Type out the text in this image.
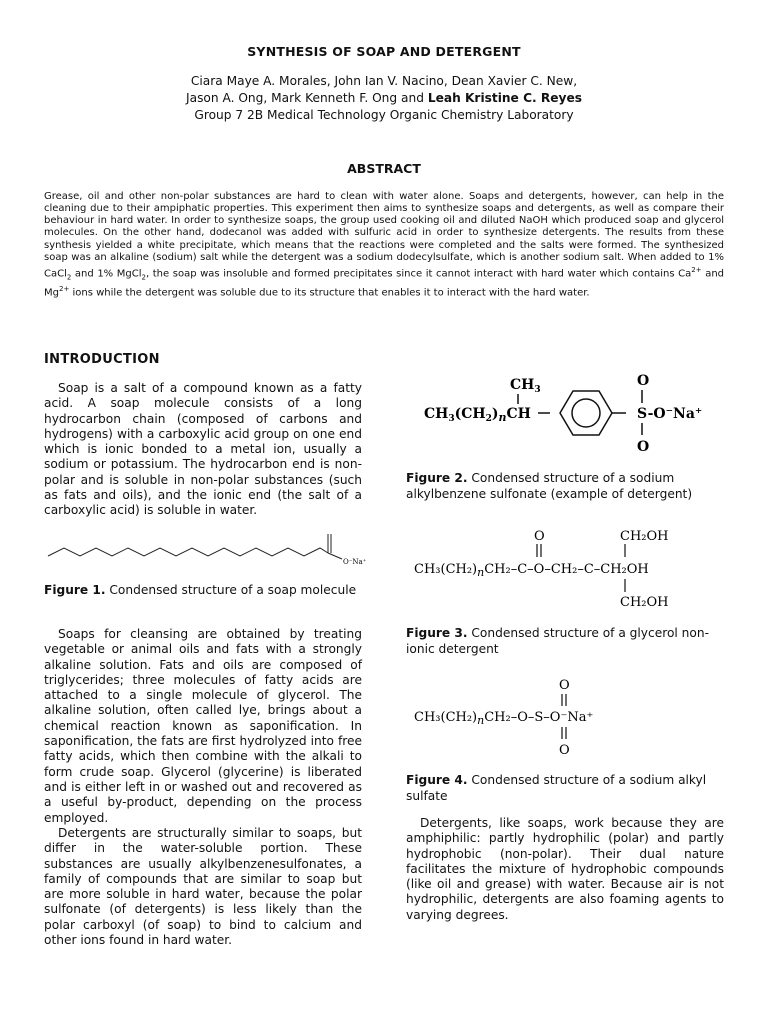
SYNTHESIS OF SOAP AND DETERGENT
Ciara Maye A. Morales, John Ian V. Nacino, Dean Xavier C. New,
Jason A. Ong, Mark Kenneth F. Ong and Leah Kristine C. Reyes
Group 7 2B Medical Technology Organic Chemistry Laboratory
ABSTRACT

Grease, oil and other non-polar substances are hard to clean with water alone. Soaps and detergents, however, can help in the cleaning due to their ampiphatic properties. This experiment then aims to synthesize soaps and detergents, as well as compare their behaviour in hard water. In order to synthesize soaps, the group used cooking oil and diluted NaOH which produced soap and glycerol molecules. On the other hand, dodecanol was added with sulfuric acid in order to synthesize detergents. The results from these synthesis yielded a white precipitate, which means that the reactions were completed and the salts were formed. The synthesized soap was an alkaline (sodium) salt while the detergent was a sodium dodecylsulfate, which is another sodium salt. When added to 1% CaCl$_2$ and 1% MgCl$_2$, the soap was insoluble and formed precipitates since it cannot interact with hard water which contains $Ca^{2+}$ and $Mg^{2+}$ ions while the detergent was soluble due to its structure that enables it to interact with the hard water.

INTRODUCTION

Soap is a salt of a compound known as a fatty acid. A soap molecule consists of a long hydrocarbon chain (composed of carbons and hydrogens) with a carboxylic acid group on one end which is ionic bonded to a metal ion, usually a sodium or potassium. The hydrocarbon end is non-polar and is soluble in non-polar substances (such as fats and oils), and the ionic end (the salt of a carboxylic acid) is soluble in water.

O⁻Na⁺

Figure 1. Condensed structure of a soap molecule

Soaps for cleansing are obtained by treating vegetable or animal oils and fats with a strongly alkaline solution. Fats and oils are composed of triglycerides; three molecules of fatty acids are attached to a single molecule of glycerol. The alkaline solution, often called lye, brings about a chemical reaction known as saponification. In saponification, the fats are first hydrolyzed into free fatty acids, which then combine with the alkali to form crude soap. Glycerol (glycerine) is liberated and is either left in or washed out and recovered as a useful by-product, depending on the process employed.

Detergents are structurally similar to soaps, but differ in the water-soluble portion. These substances are usually alkylbenzenesulfonates, a family of compounds that are similar to soap but are more soluble in hard water, because the polar sulfonate (of detergents) is less likely than the polar carboxyl (of soap) to bind to calcium and other ions found in hard water.

$CH_3$
$CH_3(CH_2)_nCH$
O
S-O⁻Na⁺
O

Figure 2. Condensed structure of a sodium alkylbenzene sulfonate (example of detergent)

O	CH₂OH
$CH_3(CH_2)_nCH_2-C-O-CH_2-C$–CH₂OH
CH₂OH

Figure 3. Condensed structure of a glycerol non-ionic detergent

O
$CH_3(CH_2)_nCH_2-O-S-O^-Na^+$
O

Figure 4. Condensed structure of a sodium alkyl sulfate

Detergents, like soaps, work because they are amphiphilic: partly hydrophilic (polar) and partly hydrophobic (non-polar). Their dual nature facilitates the mixture of hydrophobic compounds (like oil and grease) with water. Because air is not hydrophilic, detergents are also foaming agents to varying degrees.
